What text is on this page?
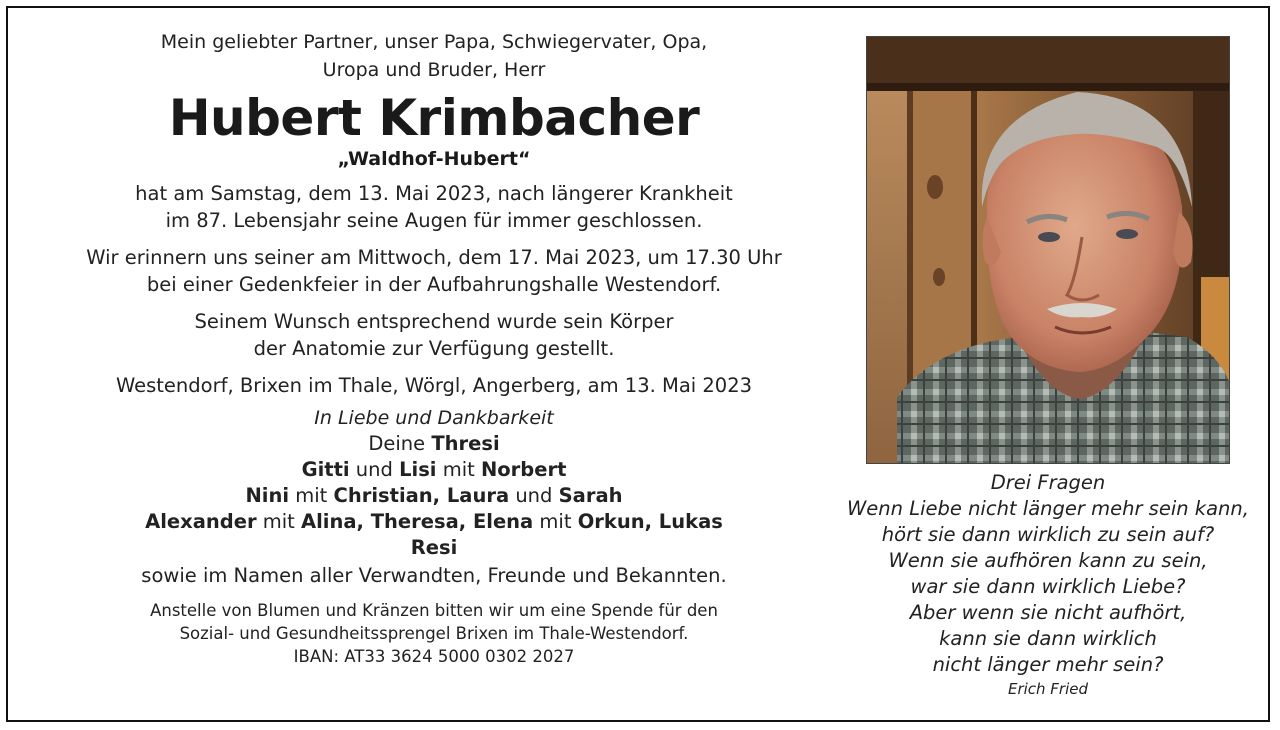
Mein geliebter Partner, unser Papa, Schwiegervater, Opa,
Uropa und Bruder, Herr
Hubert Krimbacher
„Waldhof-Hubert“
hat am Samstag, dem 13. Mai 2023, nach längerer Krankheit
im 87. Lebensjahr seine Augen für immer geschlossen.
Wir erinnern uns seiner am Mittwoch, dem 17. Mai 2023, um 17.30 Uhr
bei einer Gedenkfeier in der Aufbahrungshalle Westendorf.
Seinem Wunsch entsprechend wurde sein Körper
der Anatomie zur Verfügung gestellt.
Westendorf, Brixen im Thale, Wörgl, Angerberg, am 13. Mai 2023
In Liebe und Dankbarkeit
Deine Thresi
Gitti und Lisi mit Norbert
Nini mit Christian, Laura und Sarah
Alexander mit Alina, Theresa, Elena mit Orkun, Lukas
Resi
sowie im Namen aller Verwandten, Freunde und Bekannten.
Anstelle von Blumen und Kränzen bitten wir um eine Spende für den
Sozial- und Gesundheitssprengel Brixen im Thale-Westendorf.
IBAN: AT33 3624 5000 0302 2027
Drei Fragen
Wenn Liebe nicht länger mehr sein kann,
hört sie dann wirklich zu sein auf?
Wenn sie aufhören kann zu sein,
war sie dann wirklich Liebe?
Aber wenn sie nicht aufhört,
kann sie dann wirklich
nicht länger mehr sein?
Erich Fried
